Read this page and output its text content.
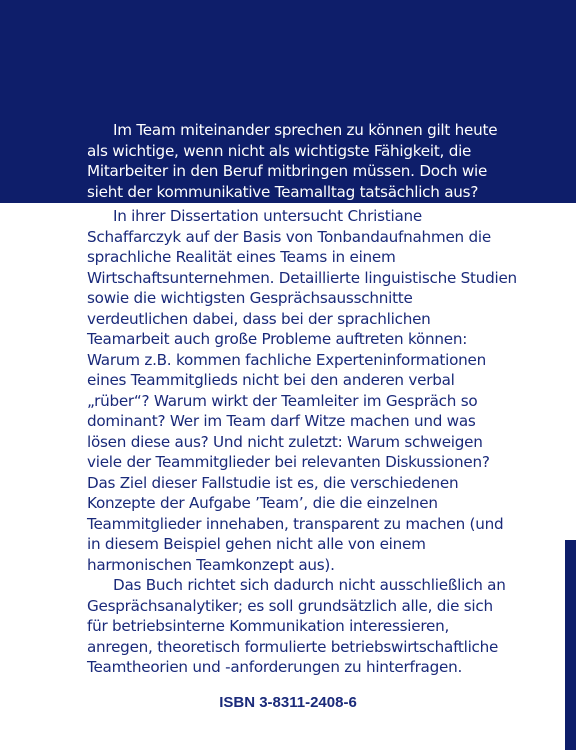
Im Team miteinander sprechen zu können gilt heute als wichtige, wenn nicht als wichtigste Fähigkeit, die Mitarbeiter in den Beruf mitbringen müssen. Doch wie sieht der kommunikative Teamalltag tatsächlich aus?

In ihrer Dissertation untersucht Christiane Schaffarczyk auf der Basis von Tonbandaufnahmen die sprachliche Realität eines Teams in einem Wirtschaftsunternehmen. Detaillierte linguistische Studien sowie die wichtigsten Gesprächsausschnitte verdeutlichen dabei, dass bei der sprachlichen Teamarbeit auch große Probleme auftreten können: Warum z.B. kommen fachliche Experteninformationen eines Teammitglieds nicht bei den anderen verbal „rüber“? Warum wirkt der Teamleiter im Gespräch so dominant? Wer im Team darf Witze machen und was lösen diese aus? Und nicht zuletzt: Warum schweigen viele der Teammitglieder bei relevanten Diskussionen? Das Ziel dieser Fallstudie ist es, die verschiedenen Konzepte der Aufgabe ’Team’, die die einzelnen Teammitglieder innehaben, transparent zu machen (und in diesem Beispiel gehen nicht alle von einem harmonischen Teamkonzept aus).

Das Buch richtet sich dadurch nicht ausschließlich an Gesprächsanalytiker; es soll grundsätzlich alle, die sich für betriebsinterne Kommunikation interessieren, anregen, theoretisch formulierte betriebswirtschaftliche Teamtheorien und -anforderungen zu hinterfragen.

ISBN 3-8311-2408-6
